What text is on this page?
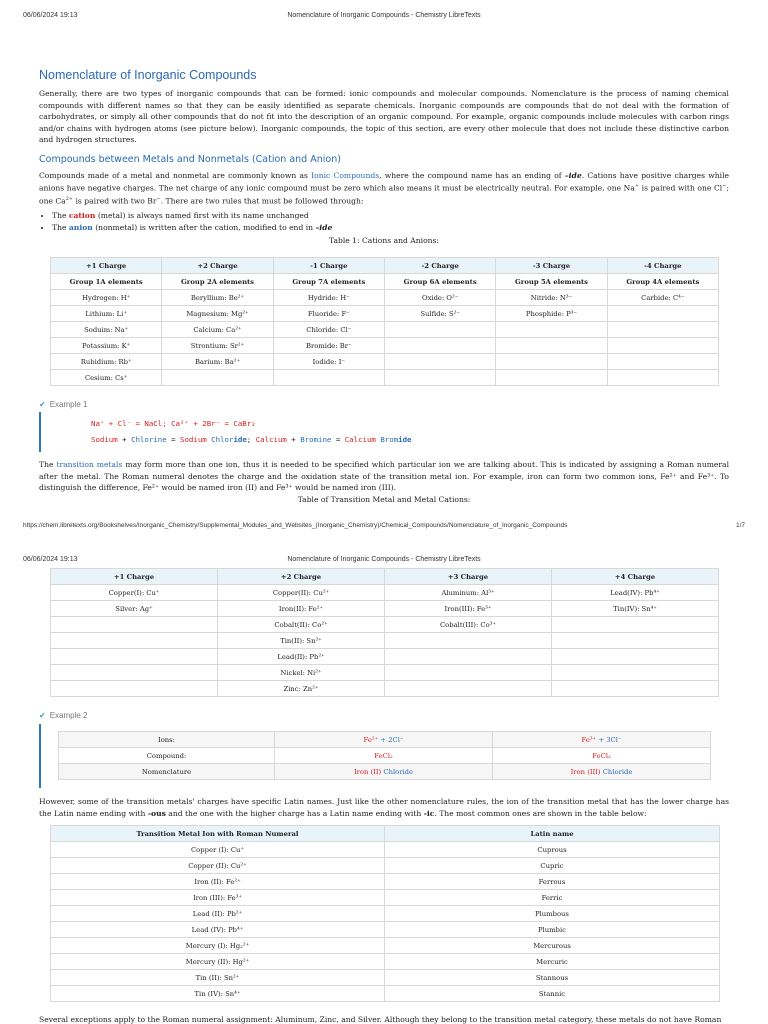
06/06/2024 19:13	Nomenclature of Inorganic Compounds - Chemistry LibreTexts
Nomenclature of Inorganic Compounds

Generally, there are two types of inorganic compounds that can be formed: ionic compounds and molecular compounds. Nomenclature is the process of naming chemical compounds with different names so that they can be easily identified as separate chemicals. Inorganic compounds are compounds that do not deal with the formation of carbohydrates, or simply all other compounds that do not fit into the description of an organic compound. For example, organic compounds include molecules with carbon rings and/or chains with hydrogen atoms (see picture below). Inorganic compounds, the topic of this section, are every other molecule that does not include these distinctive carbon and hydrogen structures.

Compounds between Metals and Nonmetals (Cation and Anion)

Compounds made of a metal and nonmetal are commonly known as Ionic Compounds, where the compound name has an ending of –ide. Cations have positive charges while anions have negative charges. The net charge of any ionic compound must be zero which also means it must be electrically neutral. For example, one Na+ is paired with one Cl−; one $Ca^{2+}$ is paired with two Br−. There are two rules that must be followed through:

• The cation (metal) is always named first with its name unchanged
• The anion (nonmetal) is written after the cation, modified to end in –ide
Table 1: Cations and Anions:
+1 Charge	+2 Charge	-1 Charge	-2 Charge	-3 Charge	-4 Charge
Group 1A elements	Group 2A elements	Group 7A elements	Group 6A elements	Group 5A elements	Group 4A elements
Hydrogen: H⁺	Beryllium: Be²⁺	Hydride: H⁻	Oxide: O²⁻	Nitride: N³⁻	Carbide: C⁴⁻
Lithium: Li⁺	Magnesium: Mg²⁺	Fluoride: F⁻	Sulfide: S²⁻	Phosphide: P³⁻	
Soduim: Na⁺	Calcium: Ca²⁺	Chloride: Cl⁻			
Potassium: K⁺	Strontium: Sr²⁺	Bromide: Br⁻			
Rubidium: Rb⁺	Barium: Ba²⁺	Iodide: I⁻			
Cesium: Cs⁺					
✔ Example 1
Na⁺ + Cl⁻ = NaCl; Ca²⁺ + 2Br⁻ = CaBr₂
Sodium + Chlorine = Sodium Chloride; Calcium + Bromine = Calcium Bromide

The transition metals may form more than one ion, thus it is needed to be specified which particular ion we are talking about. This is indicated by assigning a Roman numeral after the metal. The Roman numeral denotes the charge and the oxidation state of the transition metal ion. For example, iron can form two common ions, Fe²⁺ and Fe³⁺. To distinguish the difference, Fe²⁺ would be named iron (II) and Fe³⁺ would be named iron (III).

Table of Transition Metal and Metal Cations:
https://chem.libretexts.org/Bookshelves/Inorganic_Chemistry/Supplemental_Modules_and_Websites_(Inorganic_Chemistry)/Chemical_Compounds/Nomenclature_of_Inorganic_Compounds	1/7
06/06/2024 19:13	Nomenclature of Inorganic Compounds - Chemistry LibreTexts
+1 Charge	+2 Charge	+3 Charge	+4 Charge
Copper(I): Cu⁺	Copper(II): Cu²⁺	Aluminum: Al³⁺	Lead(IV): Pb⁴⁺
Silver: Ag⁺	Iron(II): Fe²⁺	Iron(III): Fe³⁺	Tin(IV): Sn⁴⁺
	Cobalt(II): Co²⁺	Cobalt(III): Co³⁺	
	Tin(II): Sn²⁺		
	Lead(II): Pb²⁺		
	Nickel: Ni²⁺		
	Zinc: Zn²⁺		
✔ Example 2
Ions:	Fe²⁺ + 2Cl⁻	Fe³⁺ + 3Cl⁻
Compound:	FeCl₂	FeCl₃
Nomenclature	Iron (II) Chloride	Iron (III) Chloride

However, some of the transition metals' charges have specific Latin names. Just like the other nomenclature rules, the ion of the transition metal that has the lower charge has the Latin name ending with -ous and the one with the higher charge has a Latin name ending with -ic. The most common ones are shown in the table below:

Transition Metal Ion with Roman Numeral	Latin name
Copper (I): Cu⁺	Cuprous
Copper (II): Cu²⁺	Cupric
Iron (II): Fe²⁺	Ferrous
Iron (III): Fe³⁺	Ferric
Lead (II): Pb²⁺	Plumbous
Lead (IV): Pb⁴⁺	Plumbic
Mercury (I): Hg₂²⁺	Mercurous
Mercury (II): Hg²⁺	Mercuric
Tin (II): Sn²⁺	Stannous
Tin (IV): Sn⁴⁺	Stannic

Several exceptions apply to the Roman numeral assignment: Aluminum, Zinc, and Silver. Although they belong to the transition metal category, these metals do not have Roman
